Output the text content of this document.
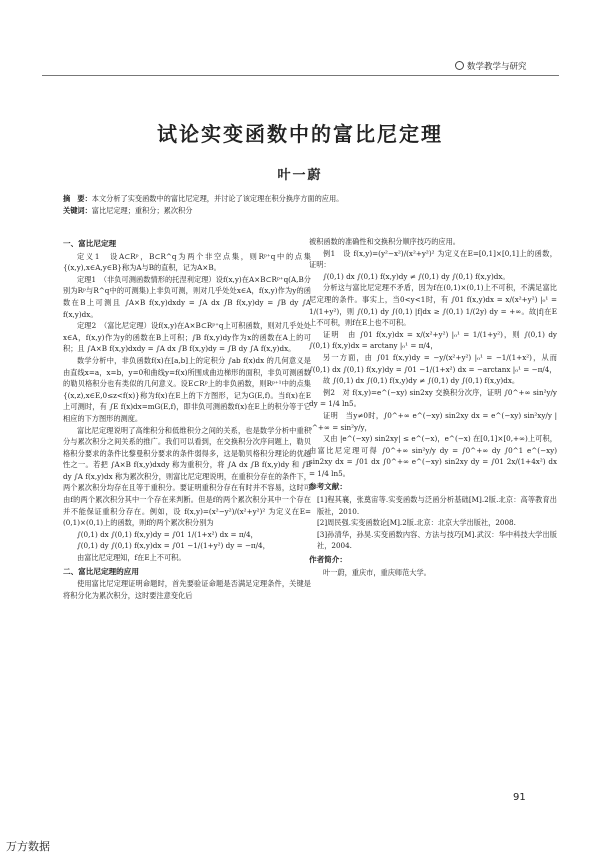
数学教学与研究
试论实变函数中的富比尼定理
叶一蔚
摘　要：本文分析了实变函数中的富比尼定理，并讨论了该定理在积分换序方面的应用。
关键词：富比尼定理；重积分；累次积分
一、富比尼定理

定义1　设A⊂Rᵖ，B⊂R^q为两个非空点集，则Rᵖ⁺q中的点集{(x,y),x∈A,y∈B}称为A与B的直积，记为A×B。

定理1　（非负可测函数情形的托涅利定理）设f(x,y)在A×B⊂Rᵖ⁺q(A,B分别为Rᵖ与R^q中的可测集)上非负可测，则对几乎处处x∈A，f(x,y)作为y的函数在B上可测且 ∫A×B f(x,y)dxdy = ∫A dx ∫B f(x,y)dy = ∫B dy ∫A f(x,y)dx。

定理2　（富比尼定理）设f(x,y)在A×B⊂Rᵖ⁺q上可积函数，则对几乎处处x∈A，f(x,y)作为y的函数在B上可积；∫B f(x,y)dy作为x的函数在A上的可积；且 ∫A×B f(x,y)dxdy = ∫A dx ∫B f(x,y)dy = ∫B dy ∫A f(x,y)dx。

数学分析中，非负函数f(x)在[a,b]上的定积分 ∫ab f(x)dx 的几何意义是由直线x=a，x=b，y=0和曲线y=f(x)所围成曲边梯形的面积，非负可测函数的勒贝格积分也有类似的几何意义。设E⊂Rᵖ上的非负函数，则Rᵖ⁺¹中的点集{(x,z),x∈E,0≤z<f(x)}称为f(x)在E上的下方图形，记为G(E,f)。当f(x)在E上可测时，有 ∫E f(x)dx=mG(E,f)，即非负可测函数f(x)在E上的积分等于它相应的下方图形的测度。

富比尼定理说明了高维积分和低维积分之间的关系，也是数学分析中重积分与累次积分之间关系的推广。我们可以看到，在交换积分次序问题上，勒贝格积分要求的条件比黎曼积分要求的条件弱得多，这是勒贝格积分理论的优越性之一。若把 ∫A×B f(x,y)dxdy 称为重积分，将 ∫A dx ∫B f(x,y)dy 和 ∫B dy ∫A f(x,y)dx 称为累次积分，则富比尼定理说明，在重积分存在的条件下，两个累次积分均存在且等于重积分。要证明重积分存在有时并不容易，这时可由f的两个累次积分其中一个存在来判断。但是f的两个累次积分其中一个存在并不能保证重积分存在。例如，设 f(x,y)=(x²−y²)/(x²+y²)² 为定义在E=(0,1)×(0,1)上的函数，则f的两个累次积分别为

∫(0,1) dx ∫(0,1) f(x,y)dy = ∫01 1/(1+x²) dx = π/4，

∫(0,1) dy ∫(0,1) f(x,y)dx = ∫01 −1/(1+y²) dy = −π/4，

由富比尼定理知，f在E上不可积。

二、富比尼定理的应用

使用富比尼定理证明命题时，首先要验证命题是否满足定理条件，关键是将积分化为累次积分，这时要注意变化后

被积函数的准确性和交换积分顺序技巧的应用。

例1　设 f(x,y)=(y²−x²)/(x²+y²)² 为定义在E=[0,1]×[0,1]上的函数，证明：

∫(0,1) dx ∫(0,1) f(x,y)dy ≠ ∫(0,1) dy ∫(0,1) f(x,y)dx。

分析这与富比尼定理不矛盾，因为f在(0,1)×(0,1)上不可积，不满足富比尼定理的条件。事实上，当0<y<1时，有 ∫01 f(x,y)dx = x/(x²+y²) |₀¹ = 1/(1+y²)，则 ∫(0,1) dy ∫(0,1) |f|dx ≥ ∫(0,1) 1/(2y) dy = +∞。故|f|在E上不可积，则f在E上也不可积。

证明　由 ∫01 f(x,y)dx = x/(x²+y²) |₀¹ = 1/(1+y²)，则 ∫(0,1) dy ∫(0,1) f(x,y)dx = arctany |₀¹ = π/4，

另一方面，由 ∫01 f(x,y)dy = −y/(x²+y²) |₀¹ = −1/(1+x²)，从而 ∫(0,1) dx ∫(0,1) f(x,y)dy = ∫01 −1/(1+x²) dx = −arctanx |₀¹ = −π/4，

故 ∫(0,1) dx ∫(0,1) f(x,y)dy ≠ ∫(0,1) dy ∫(0,1) f(x,y)dx。

例2　对 f(x,y)=e^(−xy) sin2xy 交换积分次序，证明 ∫0^+∞ sin²y/y dy = 1/4 ln5。

证明　当y≠0时，∫0^+∞ e^(−xy) sin2xy dx = e^(−xy) sin²xy/y |₀^+∞ = sin²y/y，

又由 |e^(−xy) sin2xy| ≤ e^(−x)，e^(−x) 在[0,1]×[0,+∞)上可积，由富比尼定理可得 ∫0^+∞ sin²y/y dy = ∫0^+∞ dy ∫0^1 e^(−xy) sin2xy dx = ∫01 dx ∫0^+∞ e^(−xy) sin2xy dy = ∫01 2x/(1+4x²) dx = 1/4 ln5。

参考文献：

[1]程其襄，张奠宙等.实变函数与泛函分析基础[M].2版.北京：高等教育出版社，2010.

[2]周民强.实变函数论[M].2版.北京：北京大学出版社，2008.

[3]孙清华，孙昊.实变函数内容、方法与技巧[M].武汉：华中科技大学出版社，2004.

作者简介：

叶一蔚，重庆市，重庆师范大学。

91
万方数据
